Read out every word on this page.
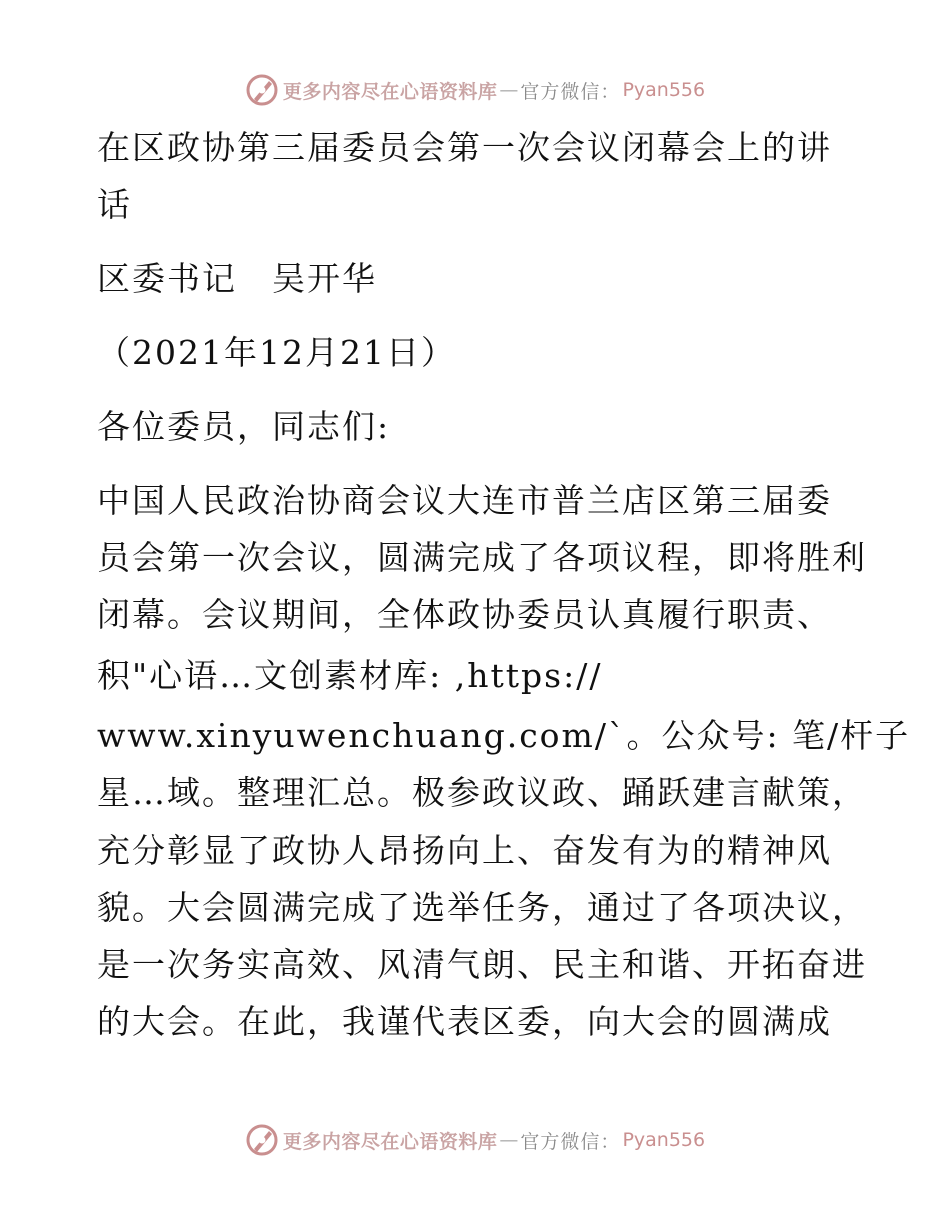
更多内容尽在心语资料库 — 官方微信： Pyan556
在区政协第三届委员会第一次会议闭幕会上的讲
话
区委书记　吴开华
（2021年12月21日）
各位委员，同志们:
中国人民政治协商会议大连市普兰店区第三届委
员会第一次会议，圆满完成了各项议程，即将胜利
闭幕。会议期间，全体政协委员认真履行职责、
积"心语…文创素材库: ,https://
www.xinyuwenchuang.com/`。公众号: 笔/杆子
星…域。整理汇总。极参政议政、踊跃建言献策，
充分彰显了政协人昂扬向上、奋发有为的精神风
貌。大会圆满完成了选举任务，通过了各项决议，
是一次务实高效、风清气朗、民主和谐、开拓奋进
的大会。在此，我谨代表区委，向大会的圆满成
更多内容尽在心语资料库 — 官方微信： Pyan556
